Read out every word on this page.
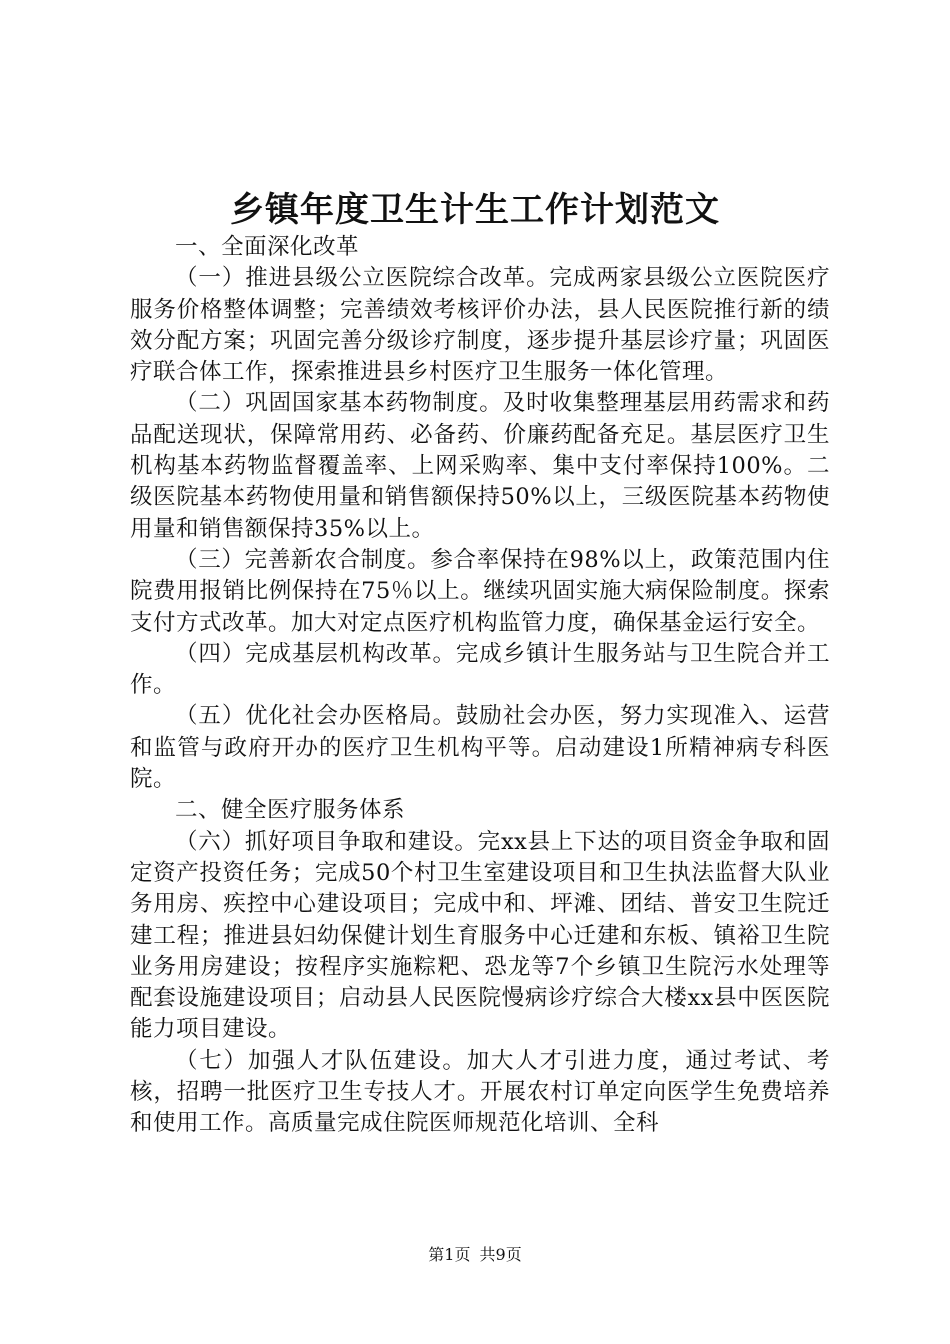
乡镇年度卫生计生工作计划范文

一、全面深化改革

（一）推进县级公立医院综合改革。完成两家县级公立医院医疗服务价格整体调整；完善绩效考核评价办法，县人民医院推行新的绩效分配方案；巩固完善分级诊疗制度，逐步提升基层诊疗量；巩固医疗联合体工作，探索推进县乡村医疗卫生服务一体化管理。

（二）巩固国家基本药物制度。及时收集整理基层用药需求和药品配送现状，保障常用药、必备药、价廉药配备充足。基层医疗卫生机构基本药物监督覆盖率、上网采购率、集中支付率保持100%。二级医院基本药物使用量和销售额保持50%以上，三级医院基本药物使用量和销售额保持35%以上。

（三）完善新农合制度。参合率保持在98%以上，政策范围内住院费用报销比例保持在75％以上。继续巩固实施大病保险制度。探索支付方式改革。加大对定点医疗机构监管力度，确保基金运行安全。

（四）完成基层机构改革。完成乡镇计生服务站与卫生院合并工作。

（五）优化社会办医格局。鼓励社会办医，努力实现准入、运营和监管与政府开办的医疗卫生机构平等。启动建设1所精神病专科医院。

二、健全医疗服务体系

（六）抓好项目争取和建设。完xx县上下达的项目资金争取和固定资产投资任务；完成50个村卫生室建设项目和卫生执法监督大队业务用房、疾控中心建设项目；完成中和、坪滩、团结、普安卫生院迁建工程；推进县妇幼保健计划生育服务中心迁建和东板、镇裕卫生院业务用房建设；按程序实施粽粑、恐龙等7个乡镇卫生院污水处理等配套设施建设项目；启动县人民医院慢病诊疗综合大楼xx县中医医院能力项目建设。

（七）加强人才队伍建设。加大人才引进力度，通过考试、考核，招聘一批医疗卫生专技人才。开展农村订单定向医学生免费培养和使用工作。高质量完成住院医师规范化培训、全科

第1页 共9页
